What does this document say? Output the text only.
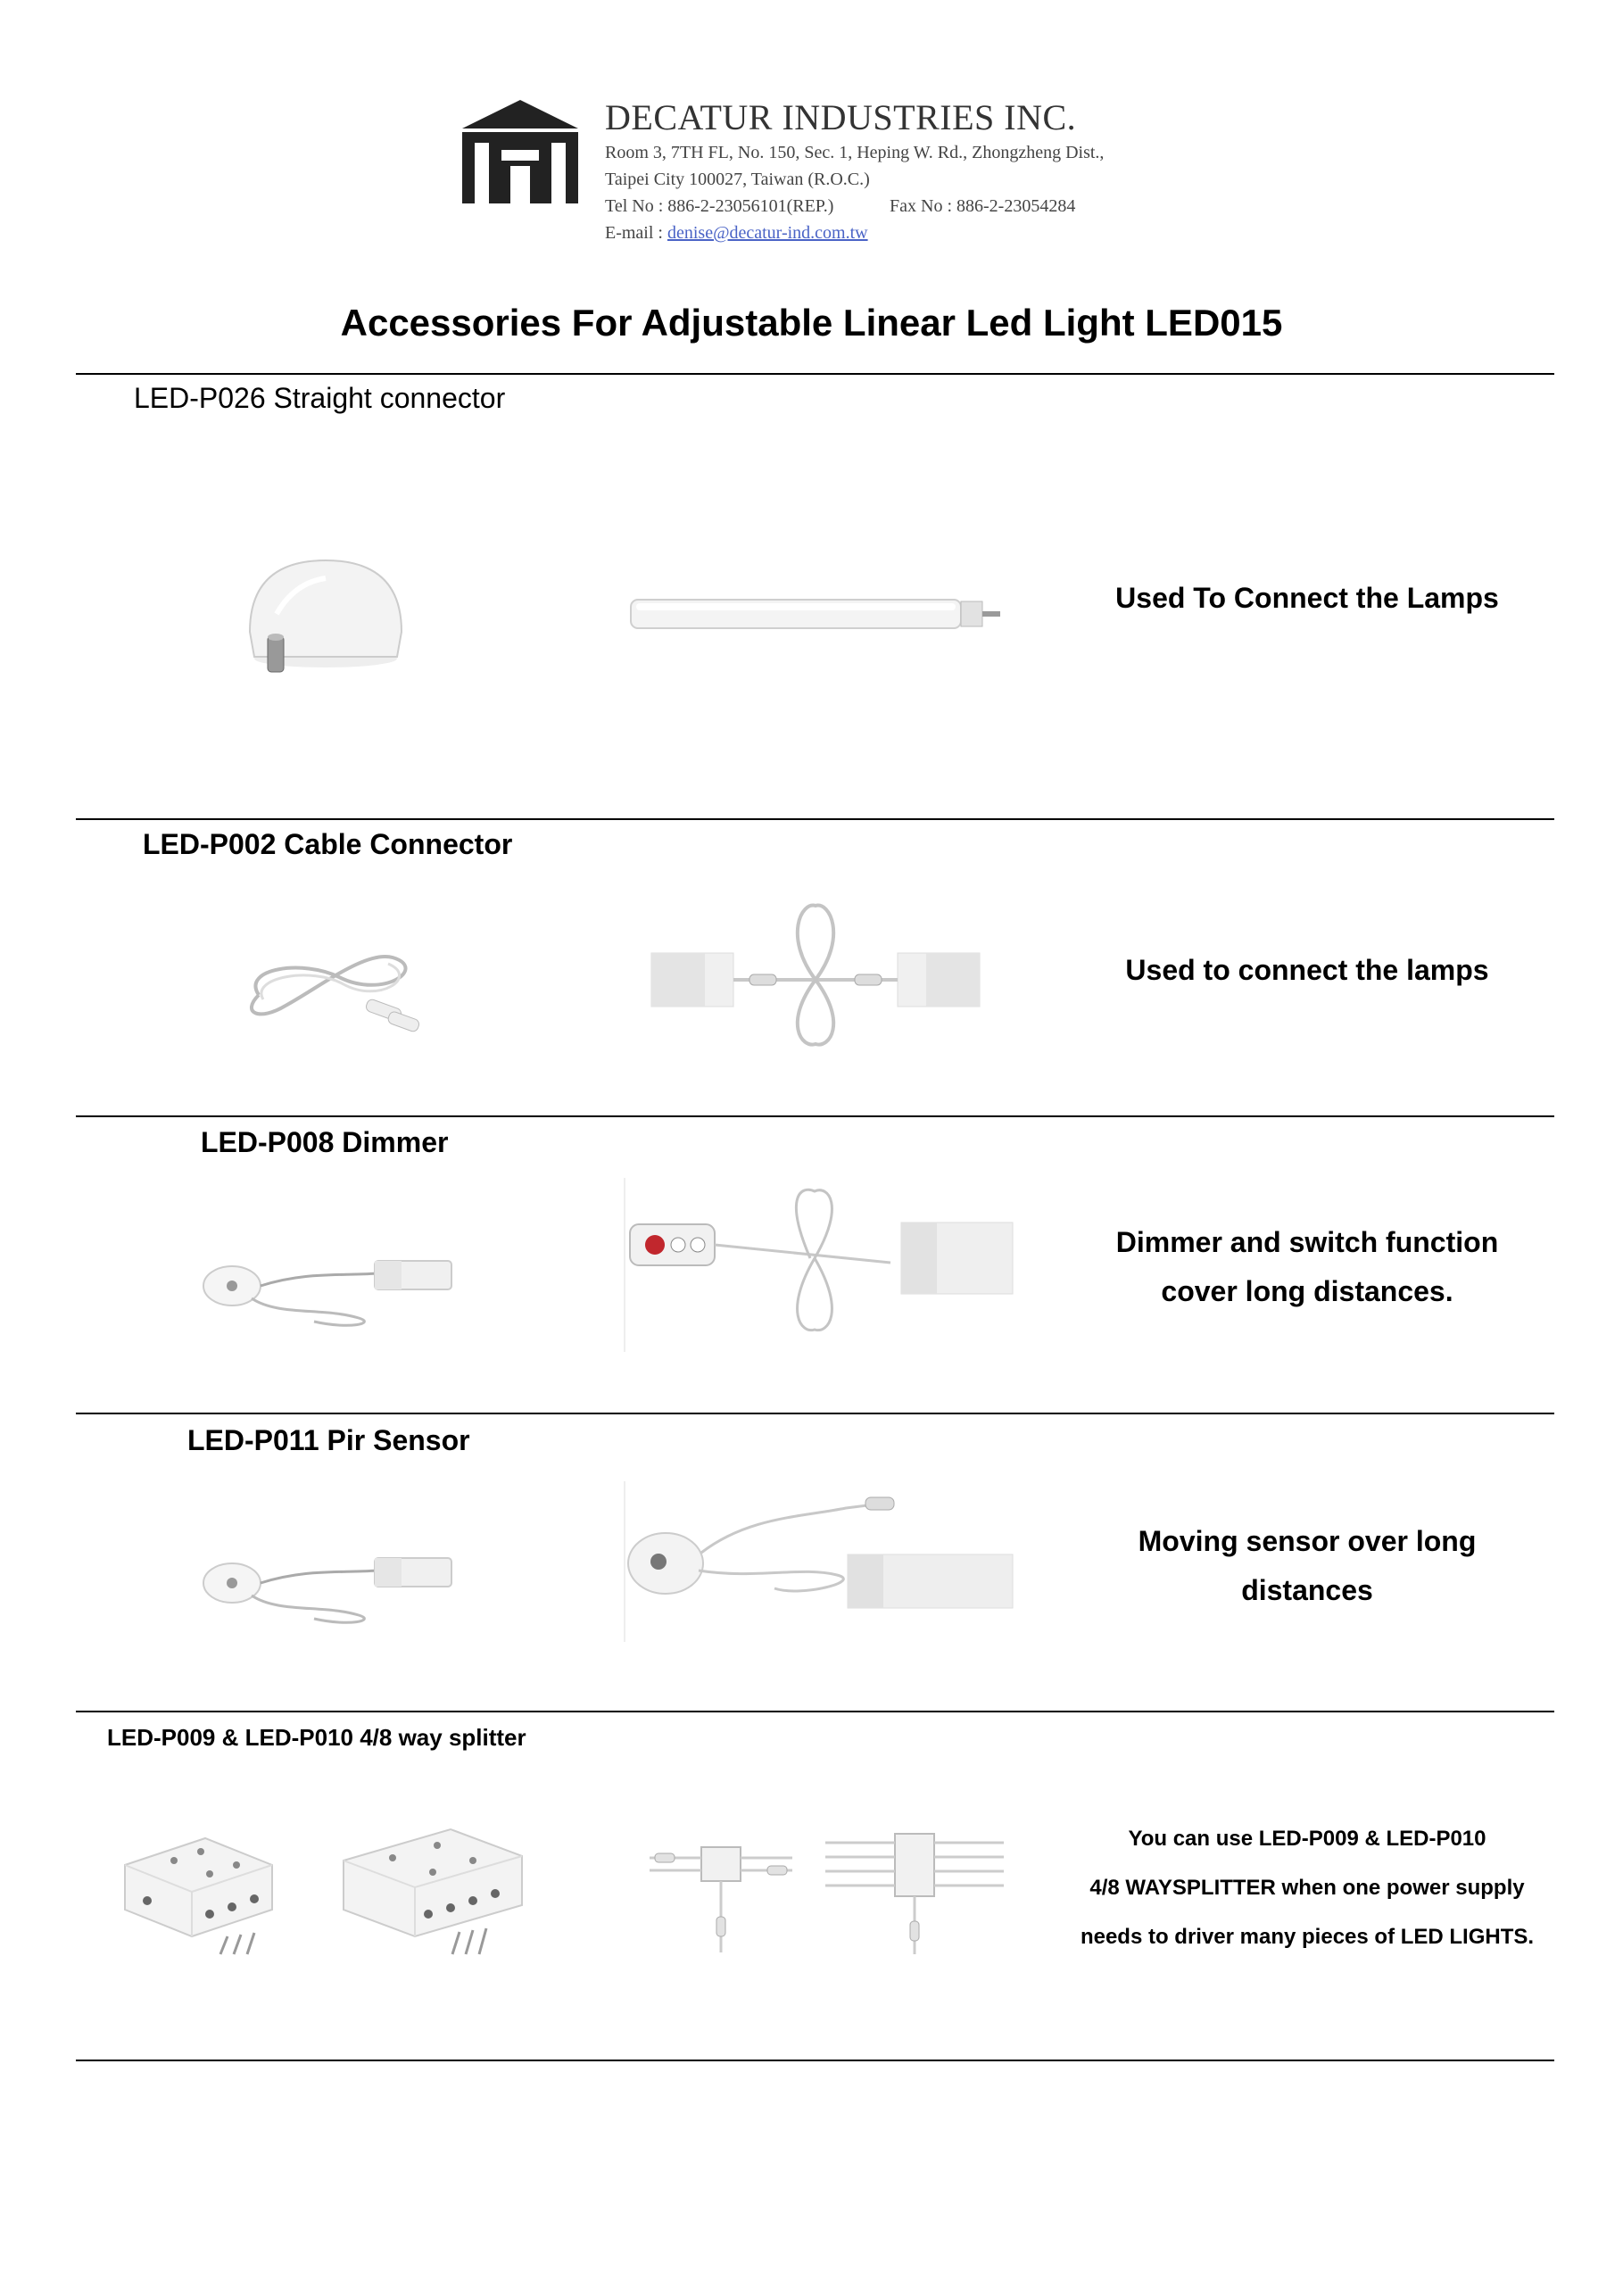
DECATUR INDUSTRIES INC.
Room 3, 7TH FL, No. 150, Sec. 1, Heping W. Rd., Zhongzheng Dist.,
Taipei City 100027, Taiwan (R.O.C.)
Tel No : 886-2-23056101(REP.)	Fax No : 886-2-23054284
E-mail : denise@decatur-ind.com.tw
Accessories For Adjustable Linear Led Light LED015
LED-P026 Straight connector
Used To Connect the Lamps
LED-P002 Cable Connector
Used to connect the lamps
LED-P008 Dimmer
Dimmer and switch function
cover long distances.
LED-P011 Pir Sensor
Moving sensor over long
distances
LED-P009 & LED-P010 4/8 way splitter
You can use LED-P009 & LED-P010
4/8 WAYSPLITTER when one power supply
needs to driver many pieces of LED LIGHTS.
